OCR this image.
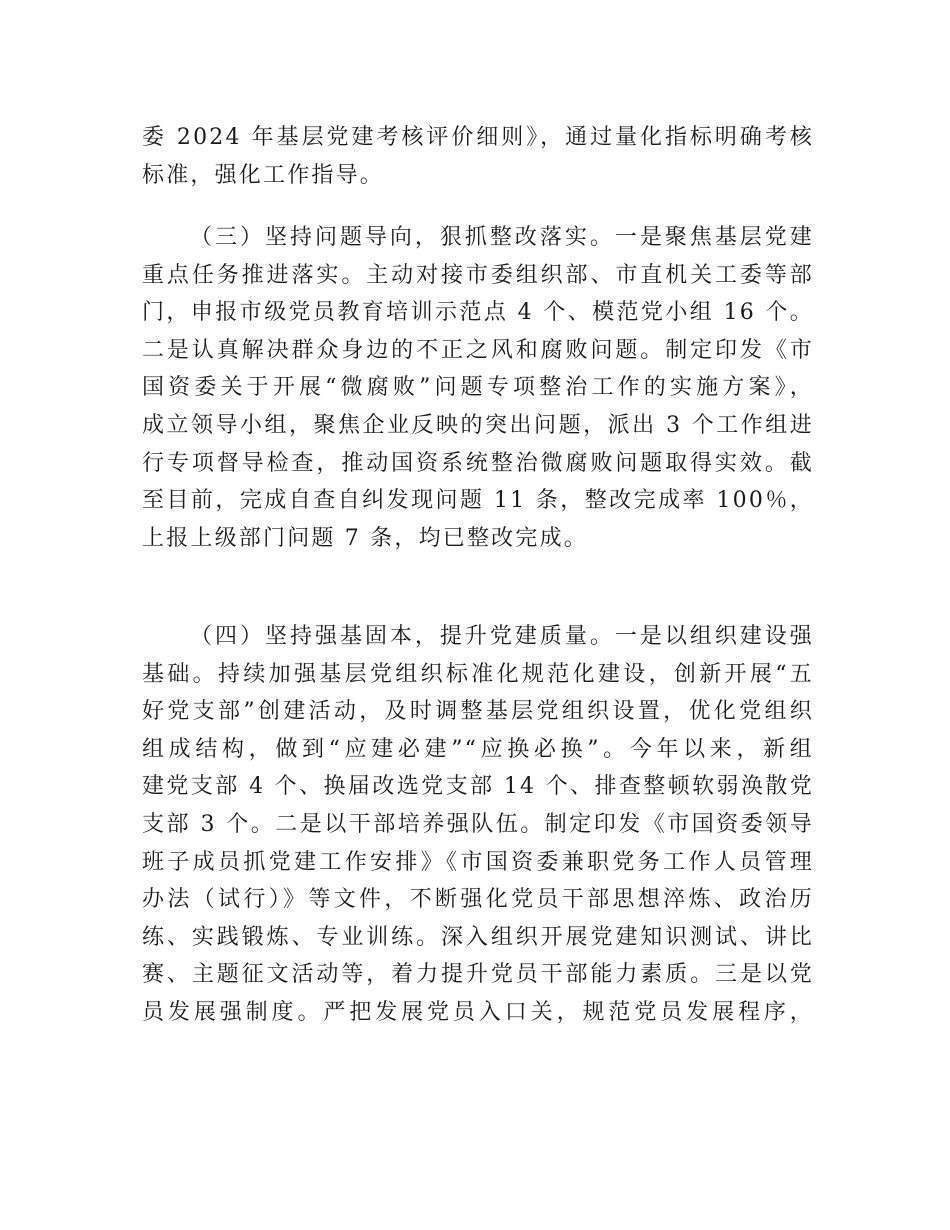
委 2024 年基层党建考核评价细则》，通过量化指标明确考核
标准，强化工作指导。
（三）坚持问题导向，狠抓整改落实。一是聚焦基层党建
重点任务推进落实。主动对接市委组织部、市直机关工委等部
门，申报市级党员教育培训示范点 4 个、模范党小组 16 个。
二是认真解决群众身边的不正之风和腐败问题。制定印发《市
国资委关于开展“微腐败”问题专项整治工作的实施方案》，
成立领导小组，聚焦企业反映的突出问题，派出 3 个工作组进
行专项督导检查，推动国资系统整治微腐败问题取得实效。截
至目前，完成自查自纠发现问题 11 条，整改完成率 100％，
上报上级部门问题 7 条，均已整改完成。
（四）坚持强基固本，提升党建质量。一是以组织建设强
基础。持续加强基层党组织标准化规范化建设，创新开展“五
好党支部”创建活动，及时调整基层党组织设置，优化党组织
组成结构，做到“应建必建”“应换必换”。今年以来，新组
建党支部 4 个、换届改选党支部 14 个、排查整顿软弱涣散党
支部 3 个。二是以干部培养强队伍。制定印发《市国资委领导
班子成员抓党建工作安排》《市国资委兼职党务工作人员管理
办法（试行）》等文件，不断强化党员干部思想淬炼、政治历
练、实践锻炼、专业训练。深入组织开展党建知识测试、讲比
赛、主题征文活动等，着力提升党员干部能力素质。三是以党
员发展强制度。严把发展党员入口关，规范党员发展程序，
